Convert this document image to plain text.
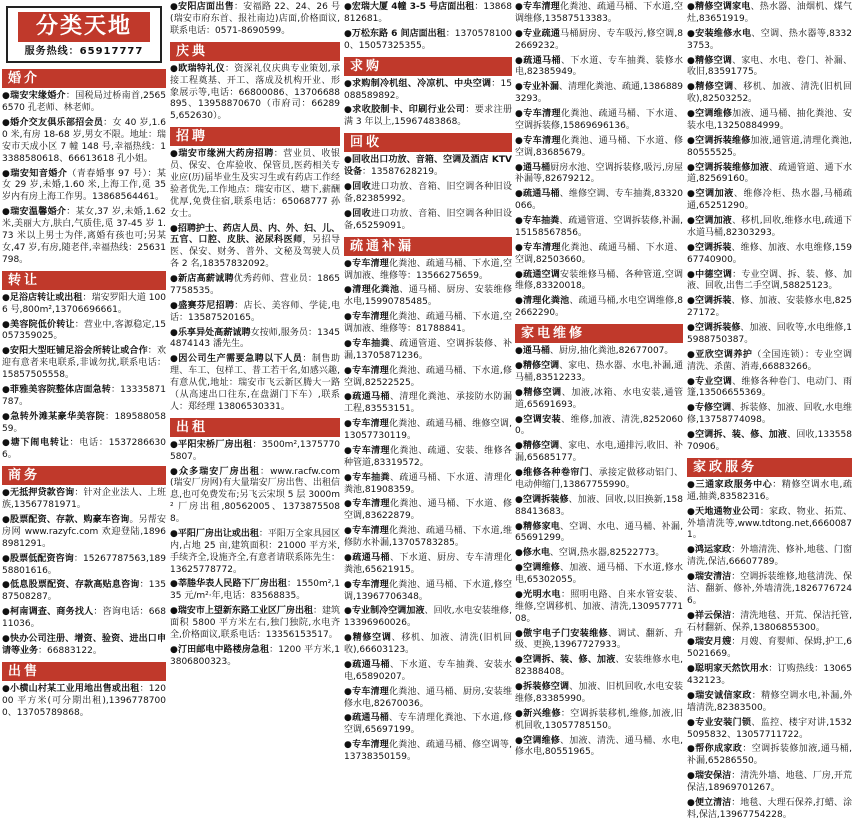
分类天地

服务热线：65917777

婚介

●瑞安宋缘婚介：国税局过桥南首,25656570 孔老师、林老师。

●婚介交友俱乐部招会员：女 40 岁,1.60 米,有房 18-68 岁,男女不限。地址：瑞安市天成小区 7 幢 148 号,幸福热线：13388580618、66613618 孔小姐。

●瑞安知音婚介（青春婚事 97 号）：某女 29 岁,未婚,1.60 米,上海工作,觅 35 岁内有房上海工作男。13868564461。

●瑞安温馨婚介：某女,37 岁,未婚,1.62 米,美丽大方,肤白,气质佳,觅 37-45 岁 1.73 米以上男士为伴,离婚有孩也可;另某女,47 岁,有房,随老伴,幸福热线：25631798。

转让

●足浴店转让或出租：瑞安罗阳大道 1006 号,800m²,13706696661。

●美容院低价转让：营业中,客源稳定,15057359025。

●安阳大型旺铺足浴会所转让或合作：欢迎有意者来电联系,非诚勿扰,联系电话：15857505558。

●菲雅美容院整体店面急转：13335871787。

●急转外滩某豪华美容院：18958805859。

●塘下闹电转让：电话：15372866306。

商务

●无抵押贷款咨询：针对企业法人、上班族,13567781971。

●股票配资、存款、购豪车咨询。另帮安房网 www.razyfc.com 欢迎登陆,18968981291。

●股票低配资咨询：15267787563,18958801616。

●低息股票配资、存款高贴息咨询：13587508287。

●柯南调查、商务找人：咨询电话：66811036。

●快办公司注册、增资、验资、进出口申请等业务：66883122。

出售

●小横山村某工业用地出售或出租：12000 平方米(可分期出租),13967787000、13705789868。

●安阳店面出售：安福路 22、24、26 号(瑞安市府东首、报社南边)店面,价格面议,联系电话：0571-8690599。

庆典

●欧瑞特礼仪：资深礼仪庆典专业策划,承接工程奠基、开工、落成及机构开业、形象展示等,电话：66800086、13706688895、13958870670（市府司：662895,652630）。

招聘

●瑞安市缘洲大药房招聘：营业员、收银员、保安、仓库验收、保管员,医药相关专业应(历)届毕业生及实习生或有药店工作经验者优先,工作地点：瑞安市区、塘下,薪酬优厚,免费住宿,联系电话：65068777 孙女士。

●招聘护士、药店人员、内、外、妇、儿、五官、口腔、皮肤、泌尿科医师，另招导医、保安、财务、普外、文秘及驾驶人员各 2 名,18357832092。

●新店高薪诚聘优秀药师、营业员：18657758535。

●盛赛芬尼招聘：店长、美容师、学徒,电话：13587520165。

●乐享异处高薪诚聘女按师,服务员：13454874143 潘先生。

●因公司生产需要急聘以下人员：制售助理、车工、包样工、普工若干名,如感兴趣,有意从优,地址：瑞安市飞云新区腾大一路（从高速出口往东,在盘湖门下车）,联系人：郑经理 13806530331。

出租

●平阳宋桥厂房出租：3500m²,13757705807。

●众多瑞安厂房出租：www.racfw.com(瑞安厂房网)有大量瑞安厂房出售、出租信息,也可免费发布;另飞云宋坝 5 层 3000m² 厂房出租,80562005、13738755088。

●平阳厂房出让或出租：平阳万全家具园区内,占地 25 亩,建筑面积：21000 平方米,手续齐全,设施齐全,有意者请联系陈先生：13625778772。

●莘塍华表人民路下厂房出租：1550m²,135 元/m²·年,电话：83568835。

●瑞安市上望新东路工业区厂房出租：建筑面积 5800 平方米左右,独门独院,水电齐全,价格面议,联系电话：13356153517。

●汀田邮电中路楼房急租：1200 平方米,13806800323。

●宏瑞大厦 4幢 3-5 号店面出租：13868812681。

●万松东路 6 间店面出租：13705781000、15057325355。

求购

●求购制冷机组、冷凉机、中央空调：15088589892。

●求收胶制卡、印刷行业公司：要求注册满 3 年以上,15967483868。

回收

●回收出口功放、音箱、空调及酒店 KTV 设备：13587628219。

●回收进口功放、音箱、旧空调各种旧设备,82385992。

●回收进口功放、音箱、旧空调各种旧设备,65259091。

疏通补漏

●专车清理化粪池、疏通马桶、下水道,空调加液、维修等：13566275659。

●清理化粪池、通马桶、厨房、安装维修水电,15990785485。

●专车清理化粪池、疏通马桶、下水道,空调加液、维修等：81788841。

●专车抽粪、疏通管道、空调拆装修、补漏,13705871236。

●专车清理化粪池、疏通马桶、下水道,修空调,82522525。

●疏通马桶、清理化粪池、承接防水防漏工程,83553151。

●专车清理化粪池、疏通马桶、维修空调,13057730119。

●专车清理化粪池、疏通、安装、维修各种管道,83319572。

●专车抽粪、疏通马桶、下水道、清理化粪池,81908359。

●专车清理化粪池、通马桶、下水道、修空调,83622879。

●专车清理化粪池、疏通马桶、下水道,维修防水补漏,13705783285。

●疏通马桶、下水道、厨房、专车清理化粪池,65621915。

●专车清理化粪池、通马桶、下水道,修空调,13967706348。

●专业制冷空调加液、回收,水电安装维修,13396960026。

●精修空调、移机、加液、清洗(旧机回收),66603123。

●疏通马桶、下水道、专车抽粪、安装水电,65890207。

●专车清理化粪池、通马桶、厨房,安装维修水电,82670036。

●疏通马桶、专车清理化粪池、下水道,修空调,65697199。

●专车清理化粪池、疏通马桶、修空调等,13738350159。

●专车清理化粪池、疏通马桶、下水道,空调维修,13587513383。

●专业疏通马桶厨房、专车吸污,修空调,82669232。

●疏通马桶、下水道、专车抽粪、装修水电,82385949。

●专业补漏、清理化粪池、疏通,13868893293。

●专车清理化粪池、疏通马桶、下水道、空调拆装修,15869696136。

●专车清理化粪池、通马桶、下水道、修空调,83685679。

●通马桶厨房水池、空调拆装修,吸污,房屋补漏等,82679212。

●疏通马桶、维修空调、专车抽粪,83320066。

●专车抽粪、疏通管道、空调拆装修,补漏,15158567856。

●专车清理化粪池、疏通马桶、下水道、空调,82503660。

●疏通空调安装维修马桶、各种管道,空调维修,83320018。

●清理化粪池、疏通马桶,水电空调维修,82662290。

家电维修

●通马桶、厨房,抽化粪池,82677007。

●精修空调、家电、热水器、水电,补漏,通马桶,83512233。

●精修空调、加液,冰箱、水电安装,通管道,65691693。

●空调安装、维修,加液、清洗,82520600。

●精修空调、家电、水电,通排污,收旧、补漏,65685177。

●维修各种卷帘门、承接定做移动铝门、电动伸缩门,13867755990。

●空调拆装修、加液、回收,以旧换新,15888413683。

●精修家电、空调、水电、通马桶、补漏,65691299。

●修水电、空调,热水器,82522773。

●空调维修、加液、通马桶、下水道,修水电,65302055。

●光明水电：照明电路、自来水管安装、维修,空调移机、加液、清洗,13095777108。

●傲宇电子门安装维修、调试、翻新、升级、更换,13967727933。

●空调拆、装、修、加液、安装维修水电,82388408。

●拆装修空调、加液、旧机回收,水电安装维修,83385990。

●新兴维修：空调拆装移机,维修,加液,旧机回收,13057785150。

●空调维修、加液、清洗、通马桶、水电,修水电,80551965。

●精修空调家电、热水器、油烟机、煤气灶,83651919。

●安装维修水电、空调、热水器等,83323753。

●精修空调、家电、水电、卷门、补漏、收旧,83591775。

●精修空调、移机、加液、清洗(旧机回收),82503252。

●空调维修加液、通马桶、抽化粪池、安装水电,13250884999。

●空调拆装维修加液,通管道,清理化粪池,80555525。

●空调拆装维修加液、疏通管道、通下水道,82569160。

●空调加液、维修冷柜、热水器,马桶疏通,65251290。

●空调加液、移机,回收,维修水电,疏通下水道马桶,82303293。

●空调拆装、维修、加液、水电维修,15967740900。

●中德空调：专业空调、拆、装、修、加液、回收,出售二手空调,58825123。

●空调拆装、修、加液、安装修水电,82527172。

●空调拆装修、加液、回收等,水电维修,15988750387。

●亚欣空调养护（全国连锁）：专业空调清洗、杀菌、消毒,66883266。

●专业空调、维修各种卷门、电动门、雨篷,13506655369。

●专修空调、拆装修、加液、回收,水电维修,13758774098。

●空调拆、装、修、加液、回收,13355870906。

家政服务

●三通家政服务中心：精修空调水电,疏通,抽粪,83582316。

●天地通物业公司：家政、物业、拓荒、外墙清洗等,www.tdtong.net,66600871。

●鸿运家政：外墙清洗、修补,地毯、门窗清洗,保洁,66607789。

●瑞安清洁：空调拆装维修,地毯清洗、保洁、翻新、修补,外墙清洗,18267767246。

●祥云保洁：清洗地毯、开荒、保洁托管,石材翻新、保养,13806855300。

●瑞安月嫂：月嫂、育婴师、保姆,护工,65021669。

●聪明家天然饮用水：订购热线：13065432123。

●瑞安诚信家政：精修空调水电,补漏,外墙清洗,82383500。

●专业安装门锁、监控、楼宇对讲,15325095832、13057711722。

●帮你成家政：空调拆装修加液,通马桶,补漏,65286550。

●瑞安保洁：清洗外墙、地毯、厂房,开荒保洁,18969701267。

●便立清洁：地毯、大理石保养,打蜡、涂料,保洁,13967754228。
